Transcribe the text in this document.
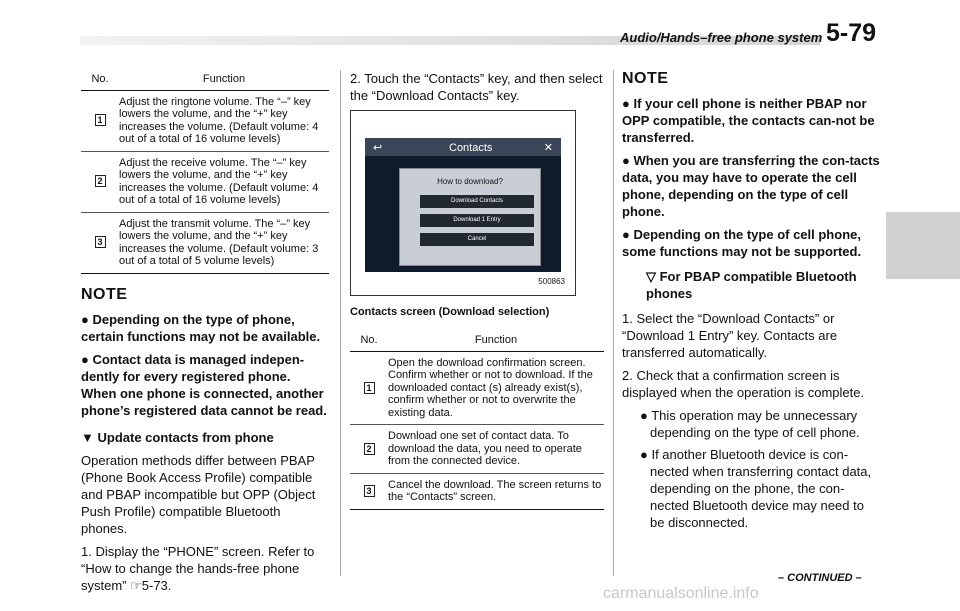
Audio/Hands–free phone system 5-79
No.	Function
1	Adjust the ringtone volume. The “–” key lowers the volume, and the “+” key increases the volume. (Default volume: 4 out of a total of 16 volume levels)
2	Adjust the receive volume. The “–” key lowers the volume, and the “+” key increases the volume. (Default volume: 4 out of a total of 16 volume levels)
3	Adjust the transmit volume. The “–” key lowers the volume, and the “+” key increases the volume. (Default volume: 3 out of a total of 5 volume levels)
NOTE

● Depending on the type of phone, certain functions may not be available.

● Contact data is managed indepen-dently for every registered phone. When one phone is connected, another phone’s registered data cannot be read.

▼ Update contacts from phone

Operation methods differ between PBAP (Phone Book Access Profile) compatible and PBAP incompatible but OPP (Object Push Profile) compatible Bluetooth phones.

1. Display the “PHONE” screen. Refer to “How to change the hands-free phone system” ☞5-73.

2. Touch the “Contacts” key, and then select the “Download Contacts” key.

↩	Contacts	✕
How to download?
Download Contacts
Download 1 Entry
Cancel
500863
Contacts screen (Download selection)
No.	Function
1	Open the download confirmation screen. Confirm whether or not to download. If the downloaded contact (s) already exist(s), confirm whether or not to overwrite the existing data.
2	Download one set of contact data. To download the data, you need to operate from the connected device.
3	Cancel the download. The screen returns to the “Contacts” screen.
NOTE

● If your cell phone is neither PBAP nor OPP compatible, the contacts can-not be transferred.

● When you are transferring the con-tacts data, you may have to operate the cell phone, depending on the type of cell phone.

● Depending on the type of cell phone, some functions may not be supported.

▽ For PBAP compatible Bluetooth phones

1. Select the “Download Contacts” or “Download 1 Entry” key. Contacts are transferred automatically.

2. Check that a confirmation screen is displayed when the operation is complete.

● This operation may be unnecessary depending on the type of cell phone.
● If another Bluetooth device is con-nected when transferring contact data, depending on the phone, the con-nected Bluetooth device may need to be disconnected.
– CONTINUED –
carmanualsonline.info
